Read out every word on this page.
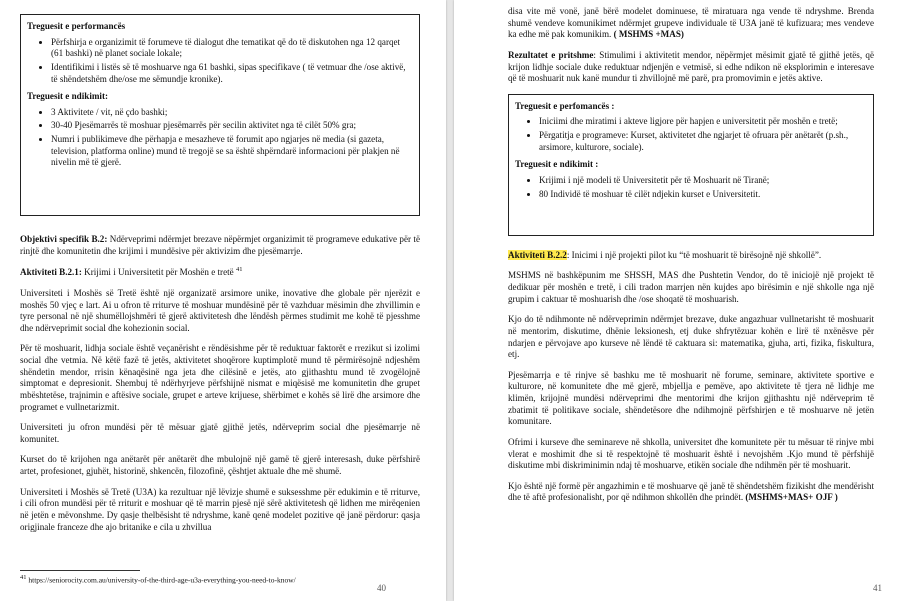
Treguesit e performancës
• Përfshirja e organizimit të forumeve të dialogut dhe tematikat që do të diskutohen nga 12 qarqet (61 bashki) në planet sociale lokale;
• Identifikimi i listës së të moshuarve nga 61 bashki, sipas specifikave ( të vetmuar dhe /ose aktivë, të shëndetshëm dhe/ose me sëmundje kronike).
Treguesit e ndikimit:
• 3 Aktivitete / vit, në çdo bashki;
• 30-40 Pjesëmarrës të moshuar pjesëmarrës për secilin aktivitet nga të cilët 50% gra;
• Numri i publikimeve dhe përhapja e mesazheve të forumit apo ngjarjes në media (si gazeta, television, platforma online) mund të tregojë se sa është shpërndarë informacioni për plakjen në nivelin më të gjerë.

Objektivi specifik B.2: Ndërveprimi ndërmjet brezave nëpërmjet organizimit të programeve edukative për të rinjtë dhe komunitetin dhe krijimi i mundësive për aktivizim dhe pjesëmarrje.

Aktiviteti B.2.1: Krijimi i Universitetit për Moshën e tretë $^{41}$

Universiteti i Moshës së Tretë është një organizatë arsimore unike, inovative dhe globale për njerëzit e moshës 50 vjeç e lart. Ai u ofron të rriturve të moshuar mundësinë për të vazhduar mësimin dhe zhvillimin e tyre personal në një shumëllojshmëri të gjerë aktivitetesh dhe lëndësh përmes studimit me kohë të pjesshme dhe ndërveprimit social dhe kohezionin social.

Për të moshuarit, lidhja sociale është veçanërisht e rëndësishme për të reduktuar faktorët e rrezikut si izolimi social dhe vetmia. Në këtë fazë të jetës, aktivitetet shoqërore kuptimplotë mund të përmirësojnë ndjeshëm shëndetin mendor, rrisin kënaqësinë nga jeta dhe cilësinë e jetës, ato gjithashtu mund të zvogëlojnë simptomat e depresionit. Shembuj të ndërhyrjeve përfshijnë nismat e miqësisë me komunitetin dhe grupet mbështetëse, trajnimin e aftësive sociale, grupet e arteve krijuese, shërbimet e kohës së lirë dhe arsimore dhe programet e vullnetarizmit.

Universiteti ju ofron mundësi për të mësuar gjatë gjithë jetës, ndërveprim social dhe pjesëmarrje në komunitet.

Kurset do të krijohen nga anëtarët për anëtarët dhe mbulojnë një gamë të gjerë interesash, duke përfshirë artet, profesionet, gjuhët, historinë, shkencën, filozofinë, çështjet aktuale dhe më shumë.

Universiteti i Moshës së Tretë (U3A) ka rezultuar një lëvizje shumë e suksesshme për edukimin e të rriturve, i cili ofron mundësi për të rriturit e moshuar që të marrin pjesë një sërë aktivitetesh që lidhen me mirëqenien në jetën e mëvonshme. Dy qasje thelbësisht të ndryshme, kanë qenë modelet pozitive që janë përdorur: qasja origjinale franceze dhe ajo britanike e cila u zhvillua

$^{41}$ https://seniorocity.com.au/university-of-the-third-age-u3a-everything-you-need-to-know/
40

disa vite më vonë, janë bërë modelet dominuese, të miratuara nga vende të ndryshme. Brenda shumë vendeve komunikimet ndërmjet grupeve individuale të U3A janë të kufizuara; mes vendeve ka edhe më pak komunikim. ( MSHMS +MAS)

Rezultatet e pritshme: Stimulimi i aktivitetit mendor, nëpërmjet mësimit gjatë të gjithë jetës, që krijon lidhje sociale duke reduktuar ndjenjën e vetmisë, si edhe ndikon në eksplorimin e interesave që të moshuarit nuk kanë mundur ti zhvillojnë më parë, pra promovimin e jetës aktive.

Treguesit e perfomancës :
• Iniciimi dhe miratimi i akteve ligjore për hapjen e universitetit për moshën e tretë;
• Përgatitja e programeve: Kurset, aktivitetet dhe ngjarjet të ofruara për anëtarët (p.sh., arsimore, kulturore, sociale).
Treguesit e ndikimit :
• Krijimi i një modeli të Universitetit për të Moshuarit në Tiranë;
• 80 Individë të moshuar të cilët ndjekin kurset e Universitetit.

Aktiviteti B.2.2: Inicimi i një projekti pilot ku “të moshuarit të birësojnë një shkollë”.

MSHMS në bashkëpunim me SHSSH, MAS dhe Pushtetin Vendor, do të iniciojë një projekt të dedikuar për moshën e tretë, i cili tradon marrjen nën kujdes apo birësimin e një shkolle nga një grupim i caktuar të moshuarish dhe /ose shoqatë të moshuarish.

Kjo do të ndihmonte në ndërveprimin ndërmjet brezave, duke angazhuar vullnetarisht të moshuarit në mentorim, diskutime, dhënie leksionesh, etj duke shfrytëzuar kohën e lirë të nxënësve për ndarjen e përvojave apo kurseve në lëndë të caktuara si: matematika, gjuha, arti, fizika, fiskultura, etj.

Pjesëmarrja e të rinjve së bashku me të moshuarit në forume, seminare, aktivitete sportive e kulturore, në komunitete dhe më gjerë, mbjellja e pemëve, apo aktivitete të tjera në lidhje me klimën, krijojnë mundësi ndërveprimi dhe mentorimi dhe krijon gjithashtu një ndërveprim të zbatimit të politikave sociale, shëndetësore dhe ndihmojnë përfshirjen e të moshuarve në jetën komunitare.

Ofrimi i kurseve dhe seminareve në shkolla, universitet dhe komunitete për tu mësuar të rinjve mbi vlerat e moshimit dhe si të respektojnë të moshuarit është i nevojshëm .Kjo mund të përfshijë diskutime mbi diskriminimin ndaj të moshuarve, etikën sociale dhe ndihmën për të moshuarit.

Kjo është një formë për angazhimin e të moshuarve që janë të shëndetshëm fizikisht dhe mendërisht dhe të aftë profesionalisht, por që ndihmon shkollën dhe prindët. (MSHMS+MAS+ OJF )

41
